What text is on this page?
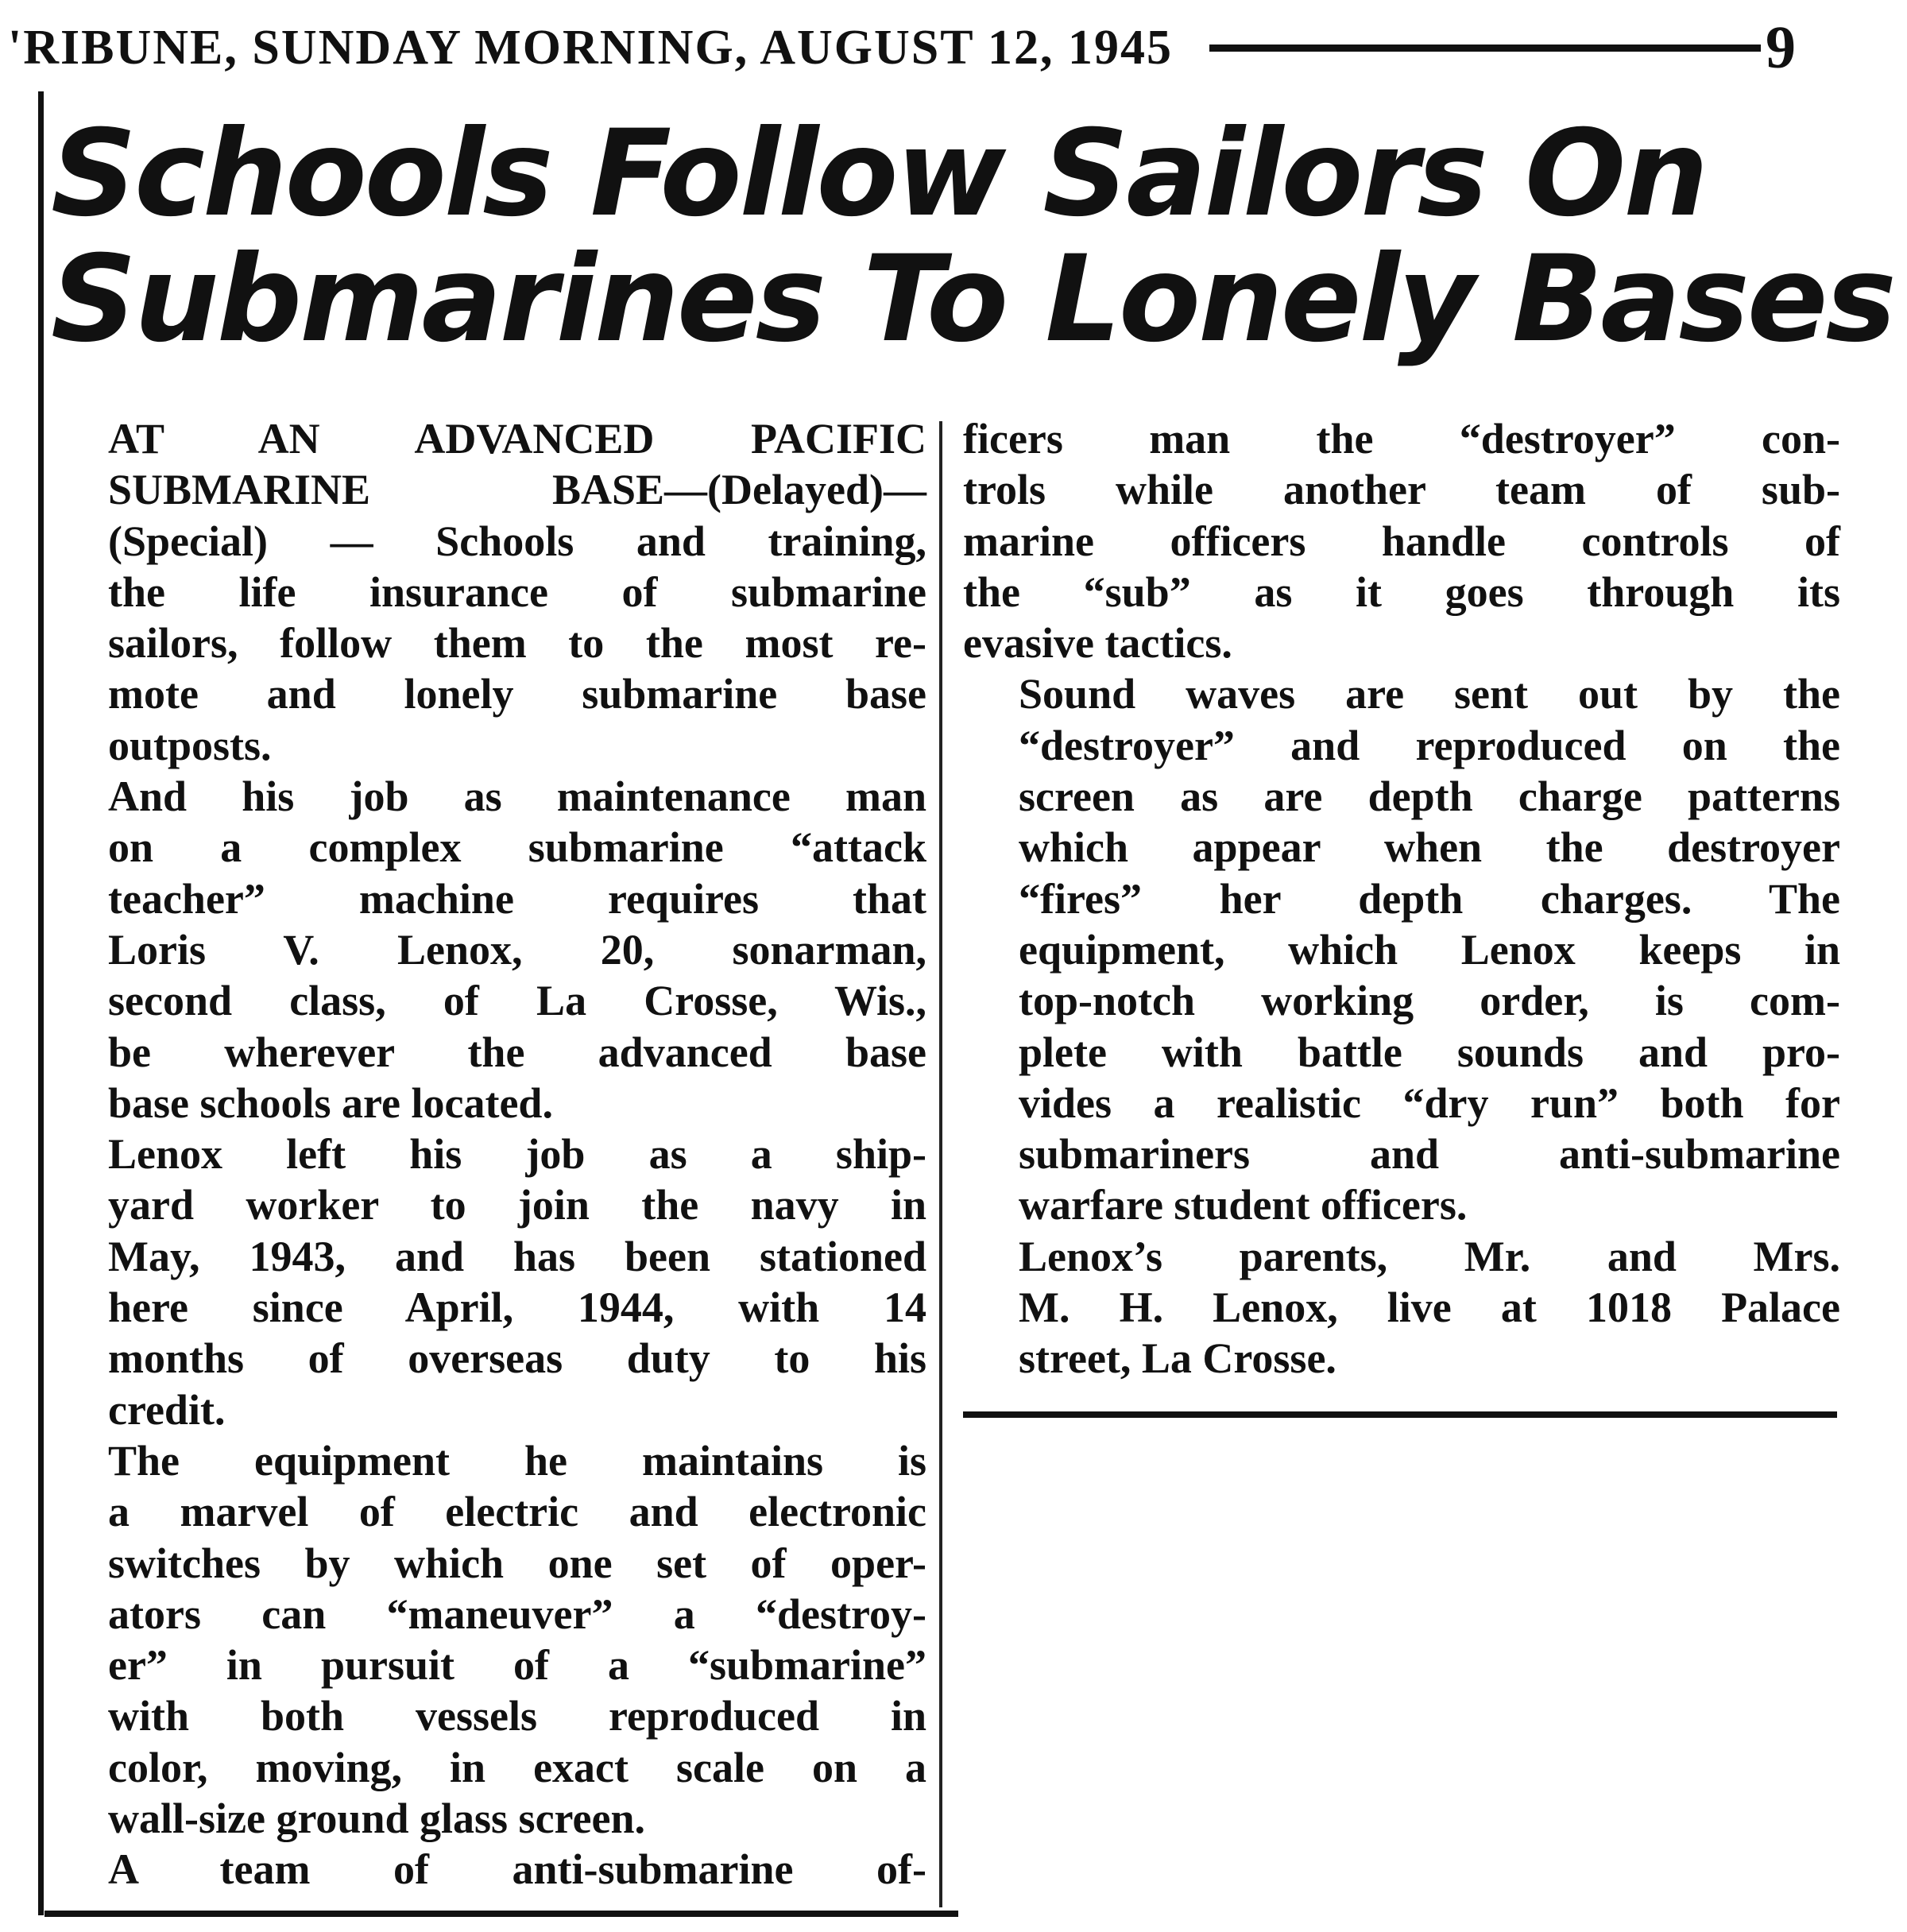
'RIBUNE, SUNDAY MORNING, AUGUST 12, 1945	9
Schools Follow Sailors On
Submarines To Lonely Bases

AT AN ADVANCED PACIFIC
SUBMARINE BASE—(Delayed)—
(Special) — Schools and training,
the life insurance of submarine
sailors, follow them to the most re-
mote and lonely submarine base
outposts.

And his job as maintenance man
on a complex submarine “attack
teacher” machine requires that
Loris V. Lenox, 20, sonarman,
second class, of La Crosse, Wis.,
be wherever the advanced base
base schools are located.

Lenox left his job as a ship-
yard worker to join the navy in
May, 1943, and has been stationed
here since April, 1944, with 14
months of overseas duty to his
credit.

The equipment he maintains is
a marvel of electric and electronic
switches by which one set of oper-
ators can “maneuver” a “destroy-
er” in pursuit of a “submarine”
with both vessels reproduced in
color, moving, in exact scale on a
wall-size ground glass screen.

A team of anti-submarine of-

ficers man the “destroyer” con-
trols while another team of sub-
marine officers handle controls of
the “sub” as it goes through its
evasive tactics.

Sound waves are sent out by the
“destroyer” and reproduced on the
screen as are depth charge patterns
which appear when the destroyer
“fires” her depth charges. The
equipment, which Lenox keeps in
top-notch working order, is com-
plete with battle sounds and pro-
vides a realistic “dry run” both for
submariners and anti-submarine
warfare student officers.

Lenox’s parents, Mr. and Mrs.
M. H. Lenox, live at 1018 Palace
street, La Crosse.
